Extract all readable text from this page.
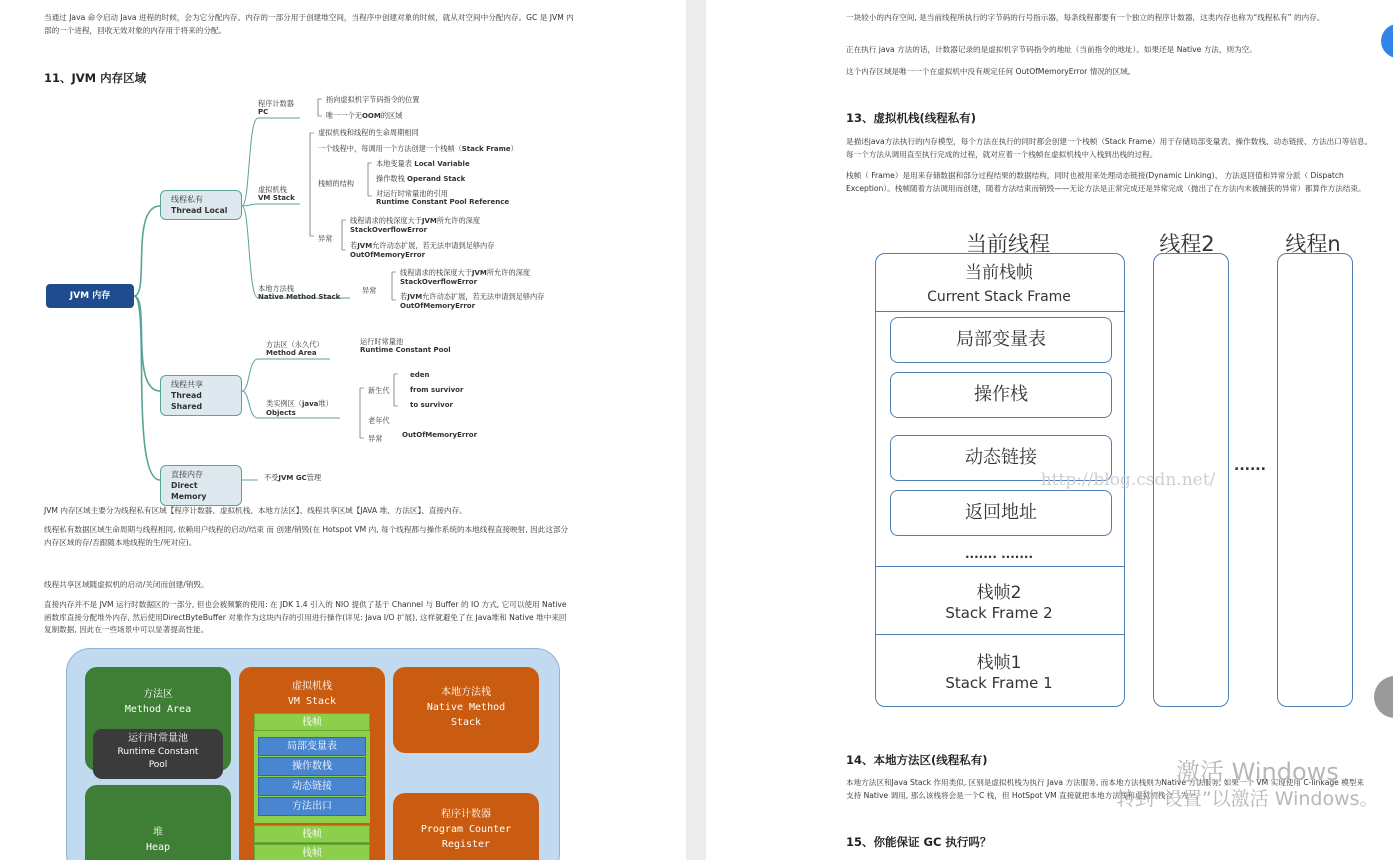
当通过 Java 命令启动 Java 进程的时候，会为它分配内存。内存的一部分用于创建堆空间，当程序中创建对象的时候，就从对空间中分配内存。GC 是 JVM 内部的一个进程，回收无效对象的内存用于将来的分配。
11、JVM 内存区域
JVM 内存
线程私有
Thread Local
线程共享
Thread Shared
直接内存
Direct Memory
程序计数器
PC
指向虚拟机字节码指令的位置
唯一一个无OOM的区域
虚拟机栈
VM Stack
虚拟机栈和线程的生命周期相同
一个线程中，每调用一个方法创建一个栈帧（Stack Frame）
栈帧的结构
本地变量表 Local Variable
操作数栈 Operand Stack
对运行时常量池的引用
Runtime Constant Pool Reference
异常
线程请求的栈深度大于JVM所允许的深度
StackOverflowError
若JVM允许动态扩展，若无法申请到足够内存
OutOfMemoryError
本地方法栈
Native Method Stack
异常
线程请求的栈深度大于JVM所允许的深度
StackOverflowError
若JVM允许动态扩展，若无法申请到足够内存
OutOfMemoryError
方法区（永久代）
Method Area
运行时常量池
Runtime Constant Pool
类实例区（java堆）
Objects
新生代
eden
from survivor
to survivor
老年代
异常	OutOfMemoryError
不受JVM GC管理
JVM 内存区域主要分为线程私有区域【程序计数器、虚拟机栈、本地方法区】、线程共享区域【JAVA 堆、方法区】、直接内存。
线程私有数据区域生命周期与线程相同, 依赖用户线程的启动/结束 而 创建/销毁(在 Hotspot VM 内, 每个线程都与操作系统的本地线程直接映射, 因此这部分内存区域的存/否跟随本地线程的生/死对应)。
线程共享区域随虚拟机的启动/关闭而创建/销毁。
直接内存并不是 JVM 运行时数据区的一部分, 但也会被频繁的使用: 在 JDK 1.4 引入的 NIO 提供了基于 Channel 与 Buffer 的 IO 方式, 它可以使用 Native 函数库直接分配堆外内存, 然后使用DirectByteBuffer 对象作为这块内存的引用进行操作(详见: Java I/O 扩展), 这样就避免了在 Java堆和 Native 堆中来回复制数据, 因此在一些场景中可以显著提高性能。
方法区
Method Area
运行时常量池
Runtime Constant
Pool
堆
Heap
虚拟机栈
VM Stack
栈帧
局部变量表
操作数栈
动态链接
方法出口
栈帧
栈帧
本地方法栈
Native Method
Stack
程序计数器
Program Counter
Register
一块较小的内存空间, 是当前线程所执行的字节码的行号指示器，每条线程都要有一个独立的程序计数器，这类内存也称为“线程私有” 的内存。
正在执行 java 方法的话，计数器记录的是虚拟机字节码指令的地址（当前指令的地址）。如果还是 Native 方法，则为空。
这个内存区域是唯一一个在虚拟机中没有规定任何 OutOfMemoryError 情况的区域。
13、虚拟机栈(线程私有)
是描述java方法执行的内存模型，每个方法在执行的同时都会创建一个栈帧（Stack Frame）用于存储局部变量表、操作数栈、动态链接、方法出口等信息。 每一个方法从调用直至执行完成的过程，就对应着一个栈帧在虚拟机栈中入栈到出栈的过程。
栈帧（ Frame）是用来存储数据和部分过程结果的数据结构，同时也被用来处理动态链接(Dynamic Linking)、 方法返回值和异常分派（ Dispatch Exception）。栈帧随着方法调用而创建，随着方法结束而销毁——无论方法是正常完成还是异常完成（抛出了在方法内未被捕获的异常）都算作方法结束。
当前线程	线程2	线程n
当前栈帧
Current Stack Frame
局部变量表
操作栈
动态链接
返回地址
....... .......
栈帧2
Stack Frame 2
栈帧1
Stack Frame 1
http://blog.csdn.net/
......
14、本地方法区(线程私有)
本地方法区和Java Stack 作用类似, 区别是虚拟机栈为执行 Java 方法服务, 而本地方法栈则为Native 方法服务, 如果一个 VM 实现使用 C-linkage 模型来支持 Native 调用, 那么该栈将会是一个C 栈，但 HotSpot VM 直接就把本地方法栈和虚拟机栈合二为一。
15、你能保证 GC 执行吗？
激活 Windows
转到“设置”以激活 Windows。
